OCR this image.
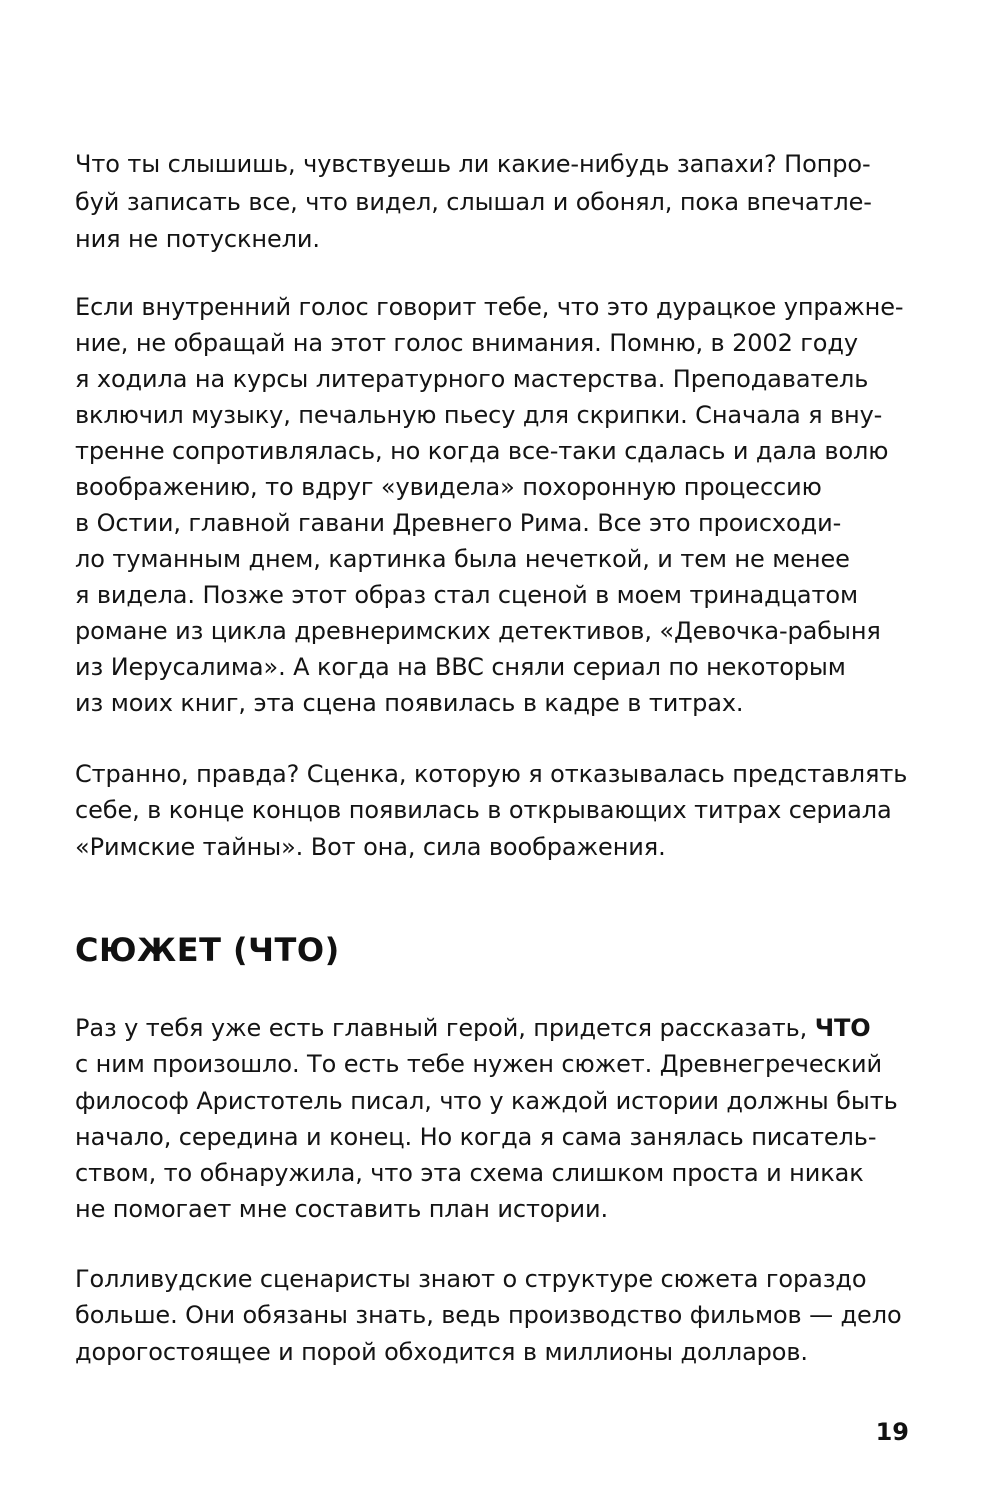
Что ты слышишь, чувствуешь ли какие-нибудь запахи? Попро-
буй записать все, что видел, слышал и обонял, пока впечатле-
ния не потускнели.
Если внутренний голос говорит тебе, что это дурацкое упражне-
ние, не обращай на этот голос внимания. Помню, в 2002 году
я ходила на курсы литературного мастерства. Преподаватель
включил музыку, печальную пьесу для скрипки. Сначала я вну-
тренне сопротивлялась, но когда все-таки сдалась и дала волю
воображению, то вдруг «увидела» похоронную процессию
в Остии, главной гавани Древнего Рима. Все это происходи-
ло туманным днем, картинка была нечеткой, и тем не менее
я видела. Позже этот образ стал сценой в моем тринадцатом
романе из цикла древнеримских детективов, «Девочка-рабыня
из Иерусалима». А когда на BBC сняли сериал по некоторым
из моих книг, эта сцена появилась в кадре в титрах.
Странно, правда? Сценка, которую я отказывалась представлять
себе, в конце концов появилась в открывающих титрах сериала
«Римские тайны». Вот она, сила воображения.
СЮЖЕТ (ЧТО)
Раз у тебя уже есть главный герой, придется рассказать, ЧТО
с ним произошло. То есть тебе нужен сюжет. Древнегреческий
философ Аристотель писал, что у каждой истории должны быть
начало, середина и конец. Но когда я сама занялась писатель-
ством, то обнаружила, что эта схема слишком проста и никак
не помогает мне составить план истории.
Голливудские сценаристы знают о структуре сюжета гораздо
больше. Они обязаны знать, ведь производство фильмов — дело
дорогостоящее и порой обходится в миллионы долларов.
19
